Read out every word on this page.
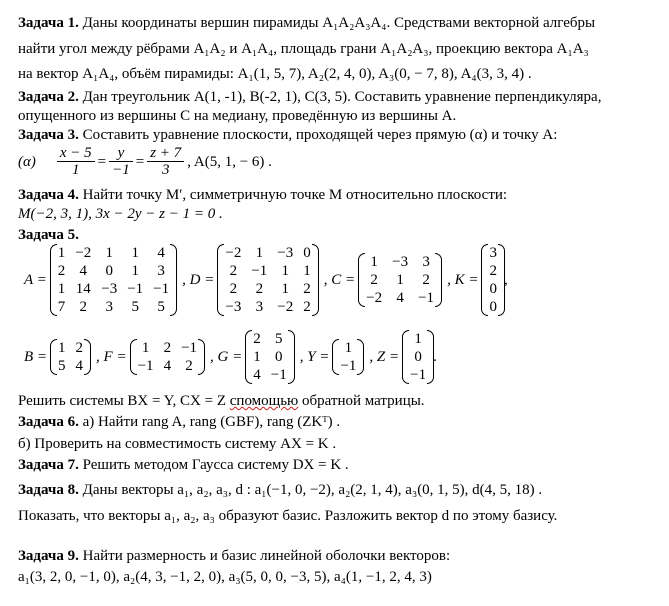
Задача 1. Даны координаты вершин пирамиды A₁A₂A₃A₄. Средствами векторной алгебры
найти угол между рёбрами A₁A₂ и A₁A₄, площадь грани A₁A₂A₃, проекцию вектора A₁A₃
на вектор A₁A₄, объём пирамиды: A₁(1, 5, 7), A₂(2, 4, 0), A₃(0, − 7, 8), A₄(3, 3, 4) .
Задача 2. Дан треугольник A(1, -1), B(-2, 1), C(3, 5). Составить уравнение перпендикуляра,
опущенного из вершины C на медиану, проведённую из вершины A.
Задача 3. Составить уравнение плоскости, проходящей через прямую (α) и точку A:
$(\alpha) \frac{x - 5}{1} = \frac{y}{-1} = \frac{z + 7}{3}$ , A(5, 1, − 6) .
Задача 4. Найти точку M′, симметричную точке M относительно плоскости:
M(−2, 3, 1), 3x − 2y − z − 1 = 0 .
Задача 5.
A =
1	−2	1	1	4
2	4	0	1	3
1	14	−3	−1	−1
7	2	3	5	5
, D =
−2	1	−3	0
2	−1	1	1
2	2	1	2
−3	3	−2	2
, C =
1	−3	3
2	1	2
−2	4	−1
, K =
3
2
0
0
,
B =
1	2
5	4
, F =
1	2	−1
−1	4	2
, G =
2	5
1	0
4	−1
, Y =
1
−1
, Z =
1
0
−1
.
Решить системы BX = Y, CX = Z спомощью обратной матрицы.
Задача 6. а) Найти rang A, rang (GBF), rang (ZKᵀ) .
б) Проверить на совместимость систему AX = K .
Задача 7. Решить методом Гаусса систему DX = K .
Задача 8. Даны векторы a₁, a₂, a₃, d : a₁(−1, 0, −2), a₂(2, 1, 4), a₃(0, 1, 5), d(4, 5, 18) .
Показать, что векторы a₁, a₂, a₃ образуют базис. Разложить вектор d по этому базису.
Задача 9. Найти размерность и базис линейной оболочки векторов:
a₁(3, 2, 0, −1, 0), a₂(4, 3, −1, 2, 0), a₃(5, 0, 0, −3, 5), a₄(1, −1, 2, 4, 3)
